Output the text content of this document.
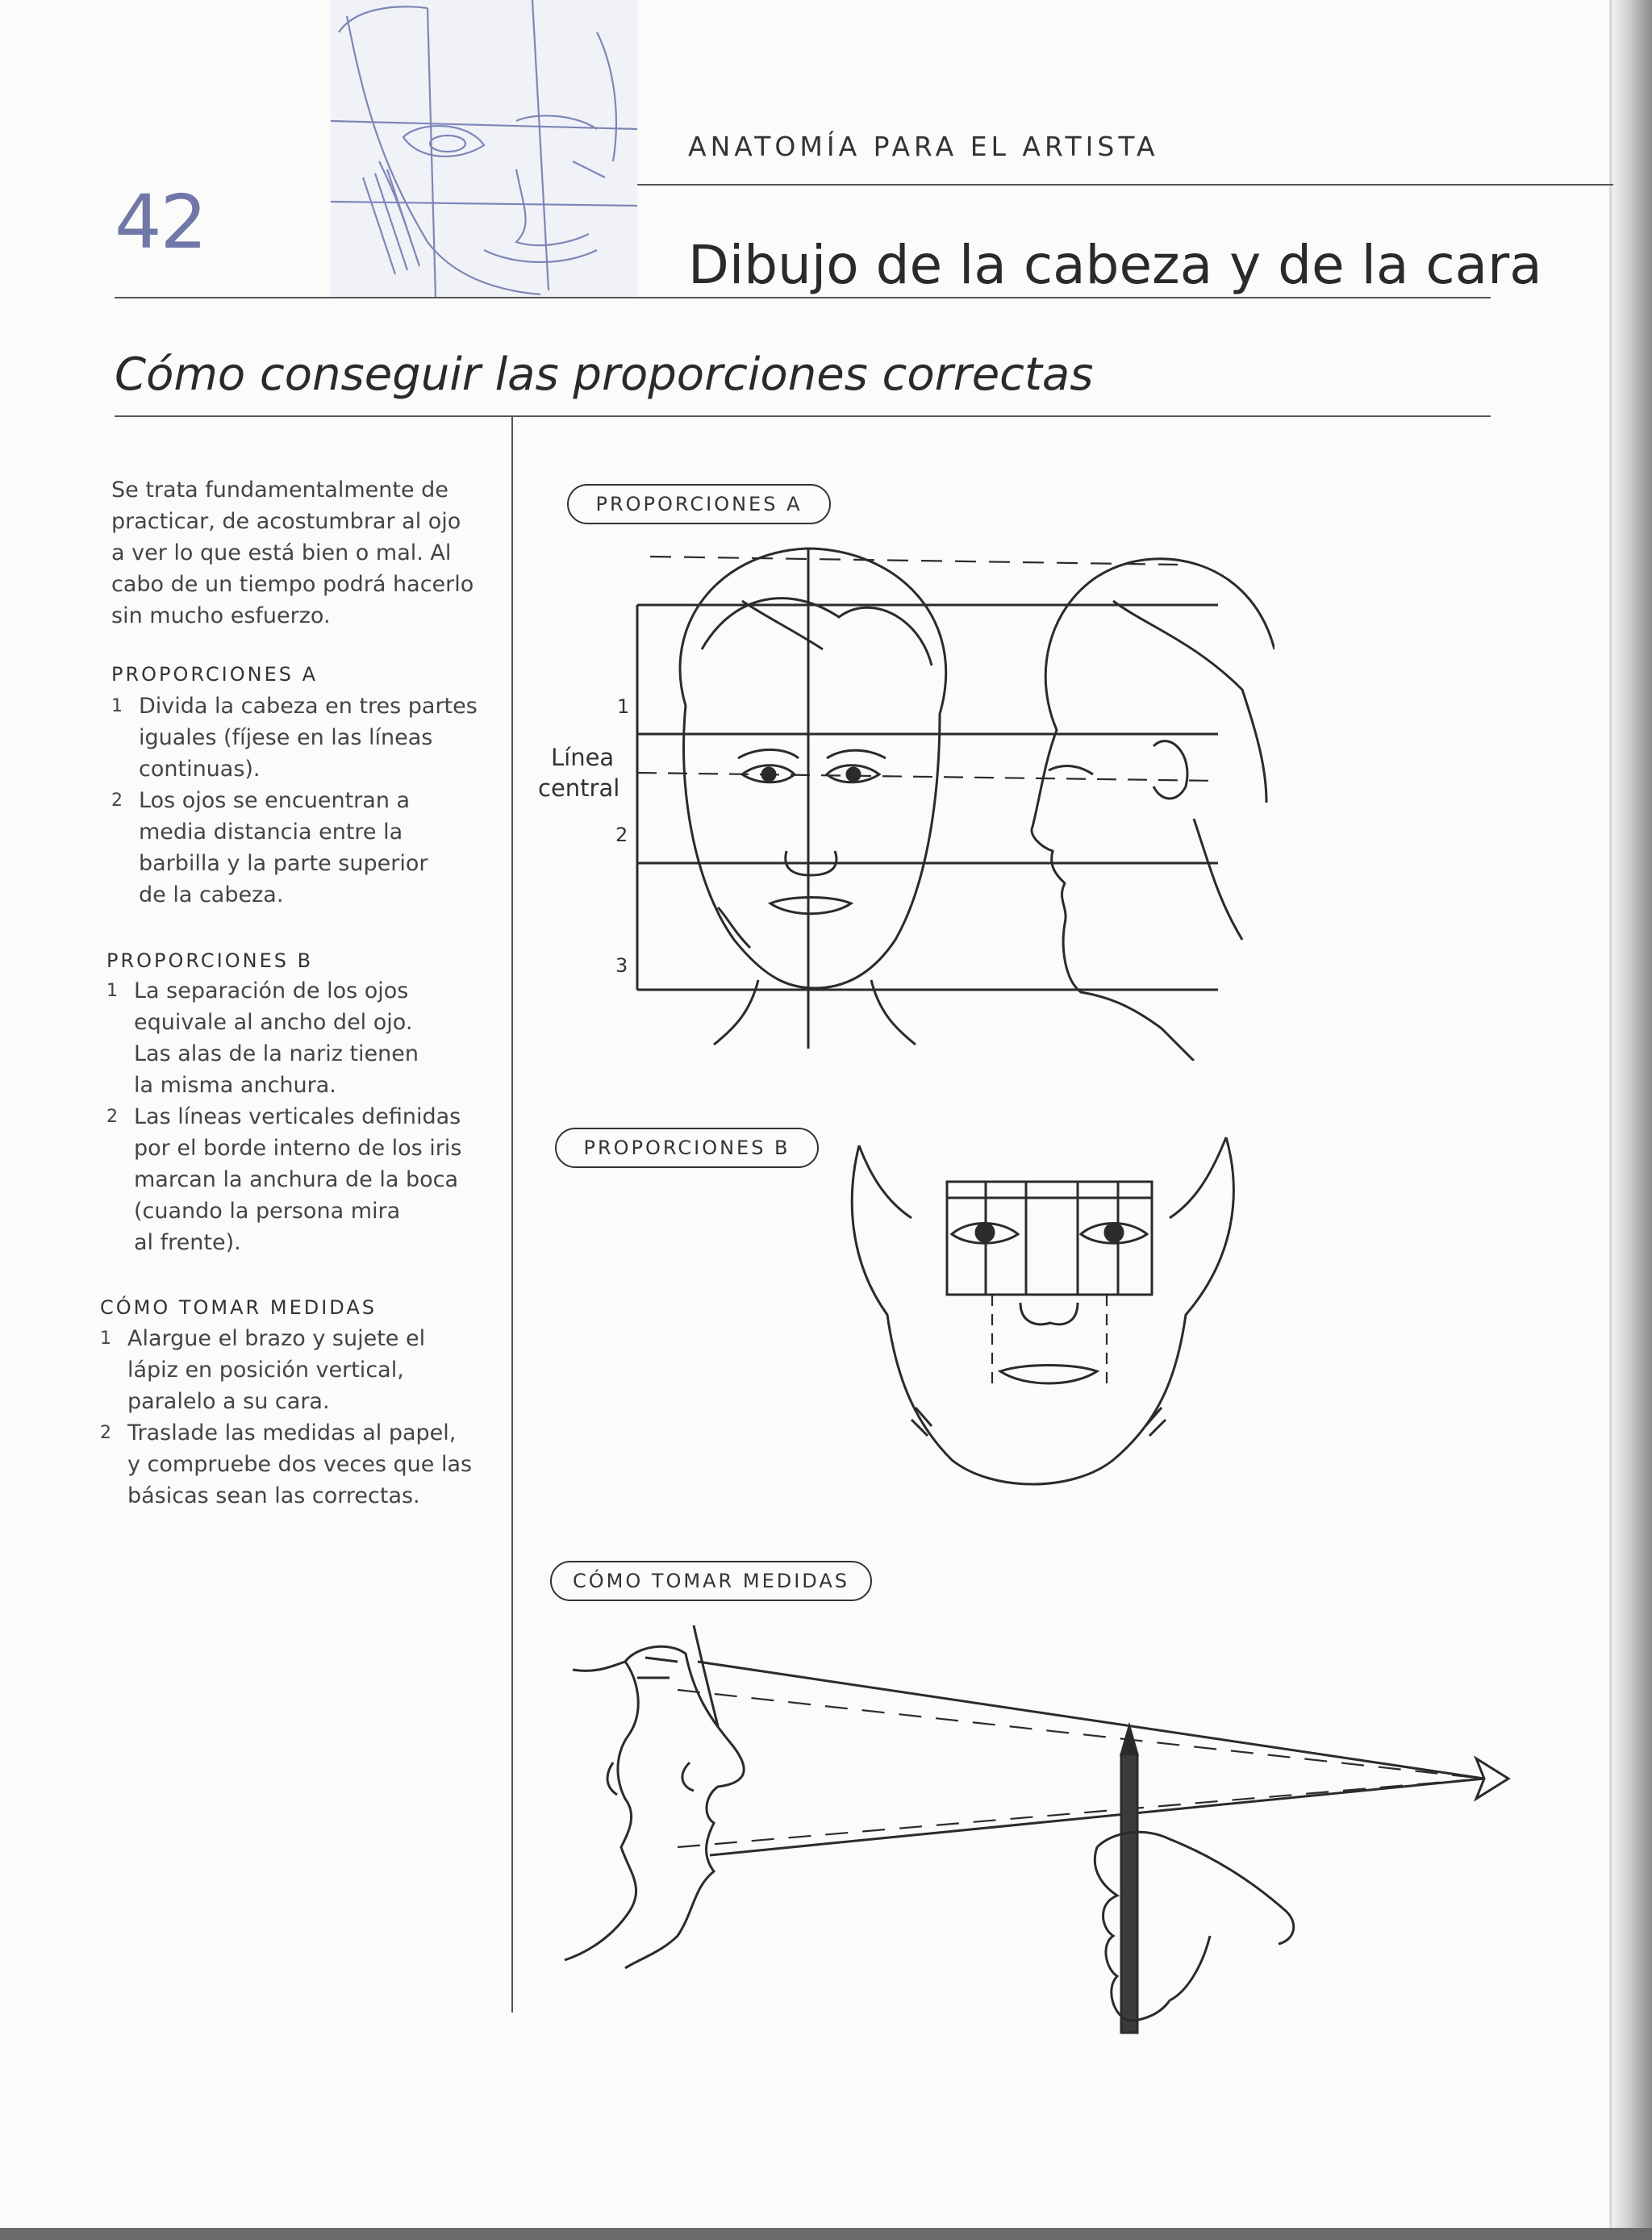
42
ANATOMÍA PARA EL ARTISTA
Dibujo de la cabeza y de la cara
Cómo conseguir las proporciones correctas
Se trata fundamentalmente de
practicar, de acostumbrar al ojo
a ver lo que está bien o mal. Al
cabo de un tiempo podrá hacerlo
sin mucho esfuerzo.
PROPORCIONES A
1 Divida la cabeza en tres partes
iguales (fíjese en las líneas
continuas).
2 Los ojos se encuentran a
media distancia entre la
barbilla y la parte superior
de la cabeza.
PROPORCIONES B
1 La separación de los ojos
equivale al ancho del ojo.
Las alas de la nariz tienen
la misma anchura.
2 Las líneas verticales definidas
por el borde interno de los iris
marcan la anchura de la boca
(cuando la persona mira
al frente).
CÓMO TOMAR MEDIDAS
1 Alargue el brazo y sujete el
lápiz en posición vertical,
paralelo a su cara.
2 Traslade las medidas al papel,
y compruebe dos veces que las
básicas sean las correctas.
PROPORCIONES A
1
Línea
central
2
3
PROPORCIONES B
CÓMO TOMAR MEDIDAS
